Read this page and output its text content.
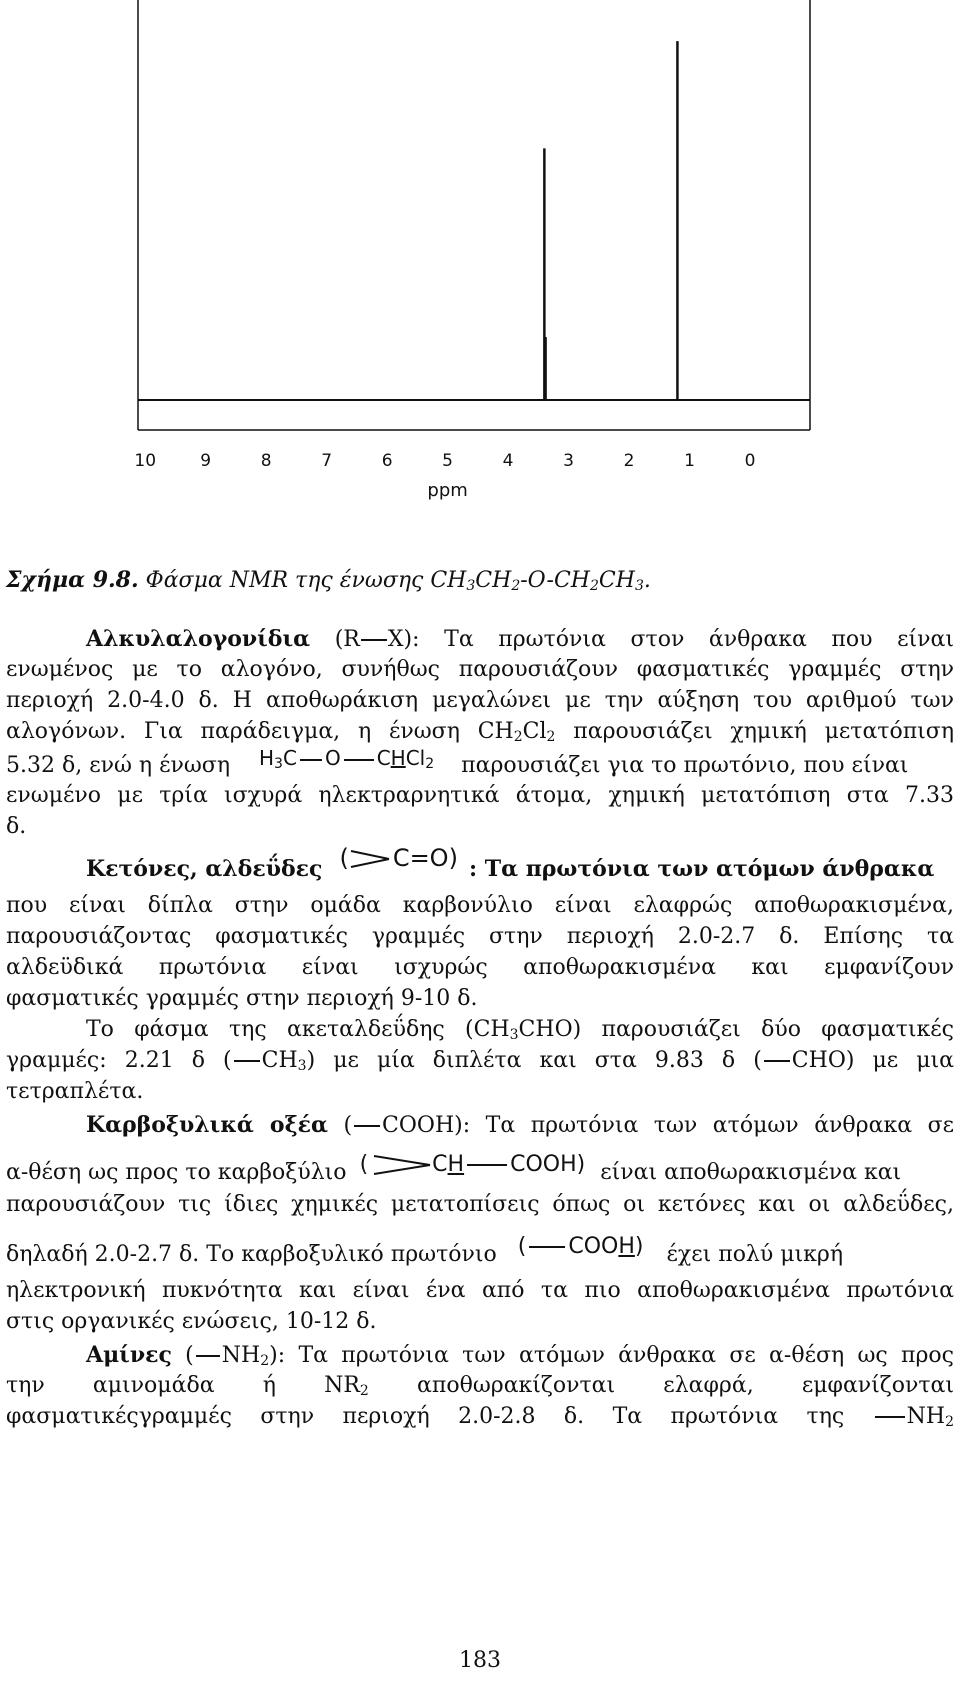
10	9	8	7	6	5	4	3	2	1	0
ppm
Σχήμα 9.8. Φάσμα NMR της ένωσης $CH_3CH_2-O-CH_2CH_3$.
Αλκυλαλογονίδια (R X): Τα πρωτόνια στον άνθρακα που είναι
ενωμένος με το αλογόνο, συνήθως παρουσιάζουν φασματικές γραμμές στην
περιοχή 2.0-4.0 δ. Η αποθωράκιση μεγαλώνει με την αύξηση του αριθμού των
αλογόνων. Για παράδειγμα, η ένωση $CH_2Cl_2$ παρουσιάζει χημική μετατόπιση
5.32 δ, ενώ η ένωση $H_3C$ O CHCl$_2$ παρουσιάζει για το πρωτόνιο, που είναι
ενωμένο με τρία ισχυρά ηλεκτραρνητικά άτομα, χημική μετατόπιση στα 7.33
δ.
Κετόνες, αλδεΰδες ( C=O) : Τα πρωτόνια των ατόμων άνθρακα
που είναι δίπλα στην ομάδα καρβονύλιο είναι ελαφρώς αποθωρακισμένα,
παρουσιάζοντας φασματικές γραμμές στην περιοχή 2.0-2.7 δ. Επίσης τα
αλδεϋδικά πρωτόνια είναι ισχυρώς αποθωρακισμένα και εμφανίζουν
φασματικές γραμμές στην περιοχή 9-10 δ.
Το φάσμα της ακεταλδεΰδης $(CH_3CHO)$ παρουσιάζει δύο φασματικές
γραμμές: 2.21 δ ( $CH_3$) με μία διπλέτα και στα 9.83 δ ( CHO) με μια
τετραπλέτα.
Καρβοξυλικά οξέα ( COOH): Τα πρωτόνια των ατόμων άνθρακα σε
α-θέση ως προς το καρβοξύλιο (	CH COOH) είναι αποθωρακισμένα και
παρουσιάζουν τις ίδιες χημικές μετατοπίσεις όπως οι κετόνες και οι αλδεΰδες,
δηλαδή 2.0-2.7 δ. Το καρβοξυλικό πρωτόνιο ( COOH) έχει πολύ μικρή
ηλεκτρονική πυκνότητα και είναι ένα από τα πιο αποθωρακισμένα πρωτόνια
στις οργανικές ενώσεις, 10-12 δ.
Αμίνες ( $NH_2$): Τα πρωτόνια των ατόμων άνθρακα σε α-θέση ως προς
την αμινομάδα ή $NR_2$ αποθωρακίζονται ελαφρά, εμφανίζονται
φασματικέςγραμμές στην περιοχή 2.0-2.8 δ. Τα πρωτόνια της	$NH_2$
183
